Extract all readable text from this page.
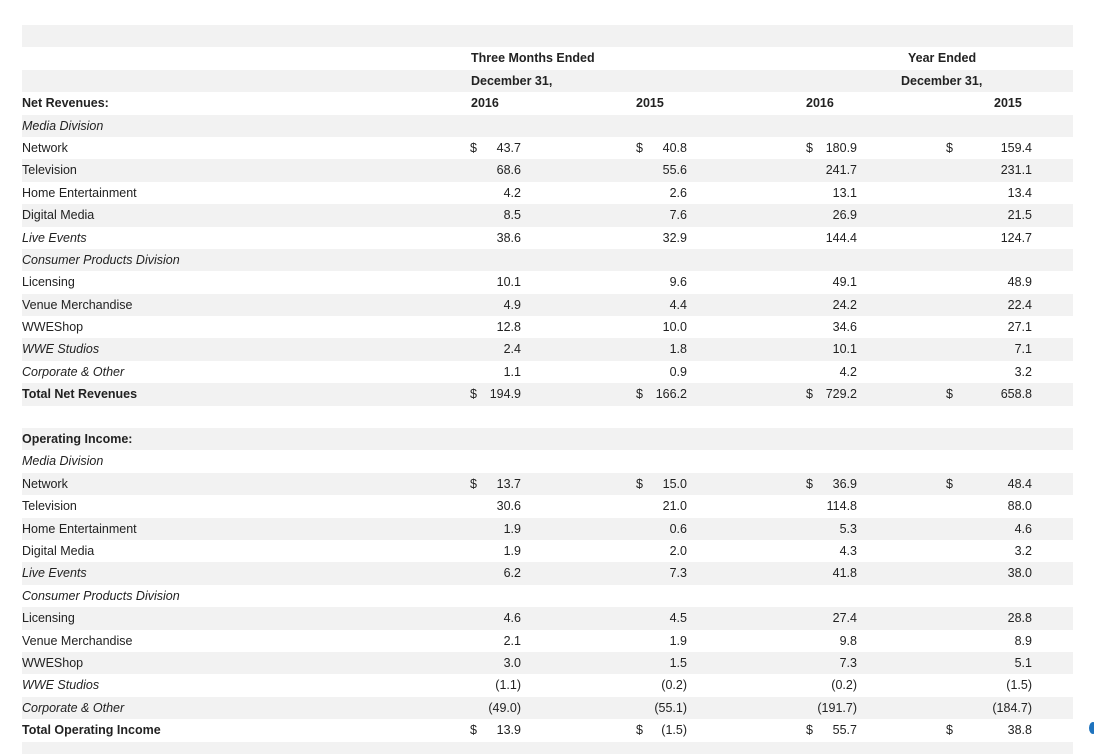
Three Months Ended	Year Ended
December 31,	December 31,
Net Revenues:	2016	2015	2016	2015
Media Division
Network	$ 43.7	$ 40.8	$ 180.9	$	159.4
Television	68.6	55.6	241.7	231.1
Home Entertainment	4.2	2.6	13.1	13.4
Digital Media	8.5	7.6	26.9	21.5
Live Events	38.6	32.9	144.4	124.7
Consumer Products Division
Licensing	10.1	9.6	49.1	48.9
Venue Merchandise	4.9	4.4	24.2	22.4
WWEShop	12.8	10.0	34.6	27.1
WWE Studios	2.4	1.8	10.1	7.1
Corporate & Other	1.1	0.9	4.2	3.2
Total Net Revenues	$ 194.9	$ 166.2	$ 729.2	$	658.8
Operating Income:
Media Division
Network	$ 13.7	$ 15.0	$ 36.9	$	48.4
Television	30.6	21.0	114.8	88.0
Home Entertainment	1.9	0.6	5.3	4.6
Digital Media	1.9	2.0	4.3	3.2
Live Events	6.2	7.3	41.8	38.0
Consumer Products Division
Licensing	4.6	4.5	27.4	28.8
Venue Merchandise	2.1	1.9	9.8	8.9
WWEShop	3.0	1.5	7.3	5.1
WWE Studios	(1.1)	(0.2)	(0.2)	(1.5)
Corporate & Other	(49.0)	(55.1)	(191.7)	(184.7)
Total Operating Income	$ 13.9	$ (1.5)	$ 55.7	$	38.8
